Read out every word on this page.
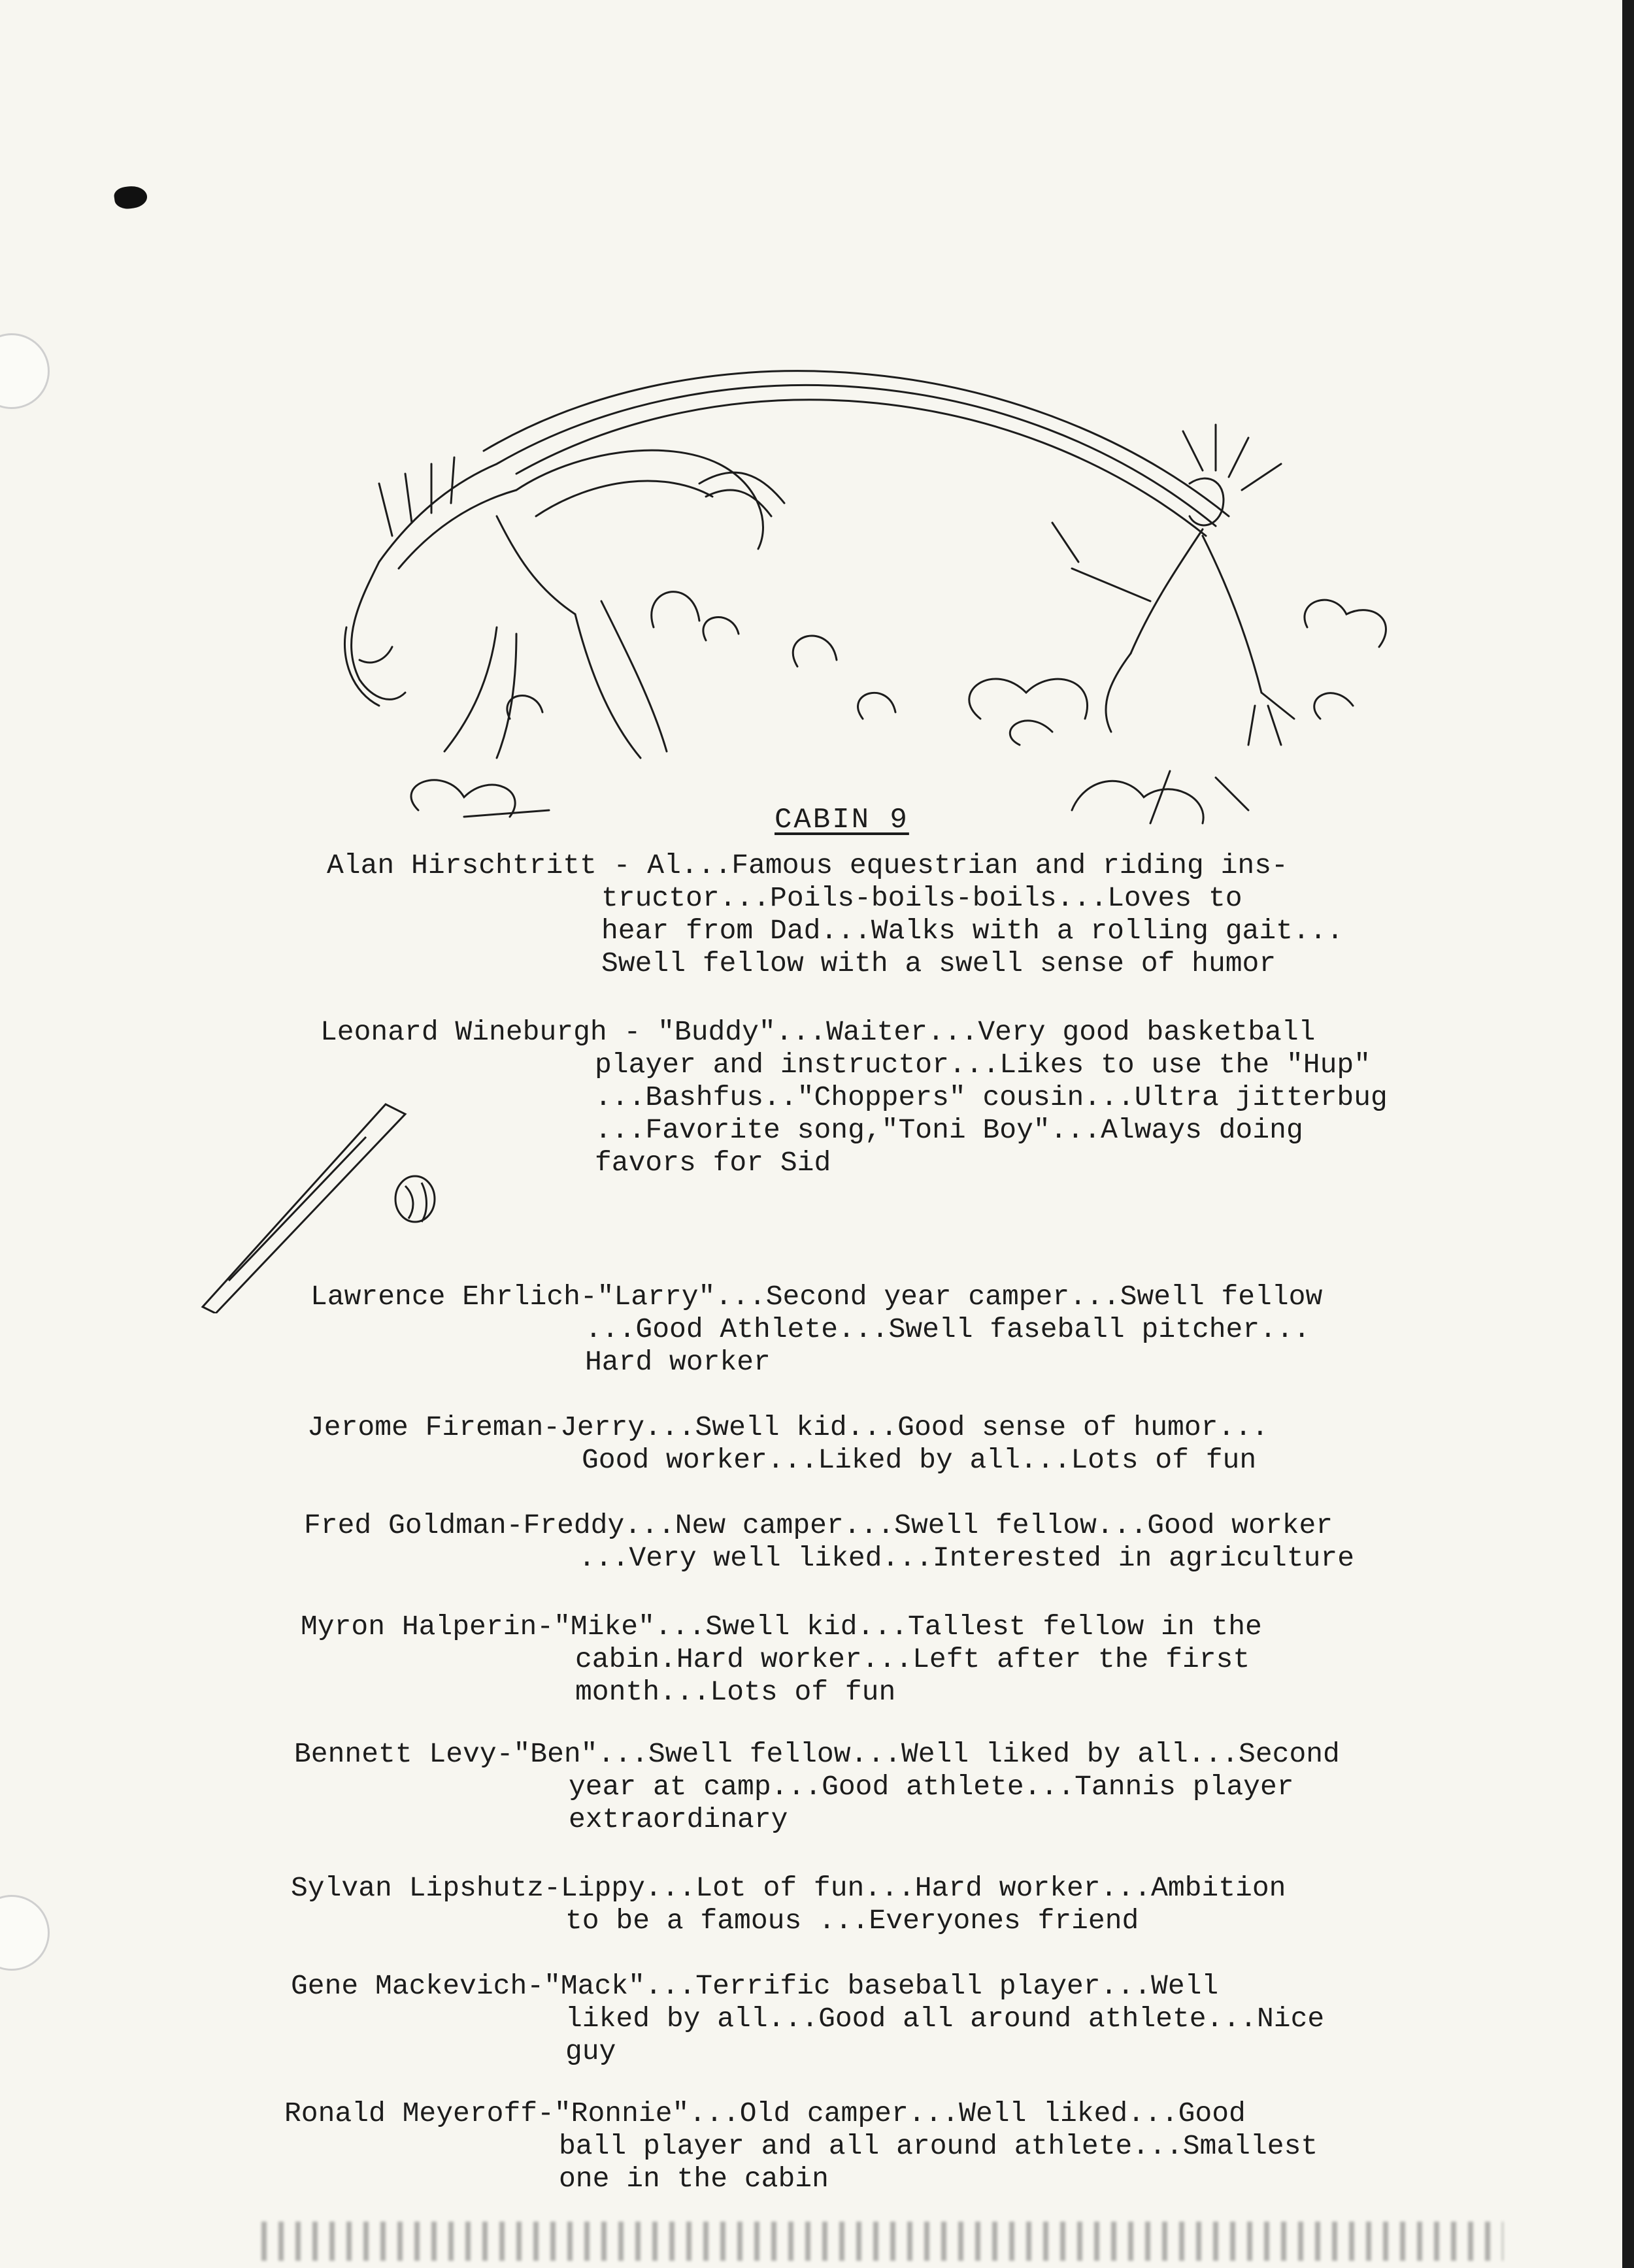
CABIN 9
Alan Hirschtritt - Al...Famous equestrian and riding ins-
tructor...Poils-boils-boils...Loves to
hear from Dad...Walks with a rolling gait...
Swell fellow with a swell sense of humor
Leonard Wineburgh - "Buddy"...Waiter...Very good basketball
player and instructor...Likes to use the "Hup"
...Bashfus.."Choppers" cousin...Ultra jitterbug
...Favorite song,"Toni Boy"...Always doing
favors for Sid
Lawrence Ehrlich-"Larry"...Second year camper...Swell fellow
...Good Athlete...Swell faseball pitcher...
Hard worker
Jerome Fireman-Jerry...Swell kid...Good sense of humor...
Good worker...Liked by all...Lots of fun
Fred Goldman-Freddy...New camper...Swell fellow...Good worker
...Very well liked...Interested in agriculture
Myron Halperin-"Mike"...Swell kid...Tallest fellow in the
cabin.Hard worker...Left after the first
month...Lots of fun
Bennett Levy-"Ben"...Swell fellow...Well liked by all...Second
year at camp...Good athlete...Tannis player
extraordinary
Sylvan Lipshutz-Lippy...Lot of fun...Hard worker...Ambition
to be a famous ...Everyones friend
Gene Mackevich-"Mack"...Terrific baseball player...Well
liked by all...Good all around athlete...Nice
guy
Ronald Meyeroff-"Ronnie"...Old camper...Well liked...Good
ball player and all around athlete...Smallest
one in the cabin
